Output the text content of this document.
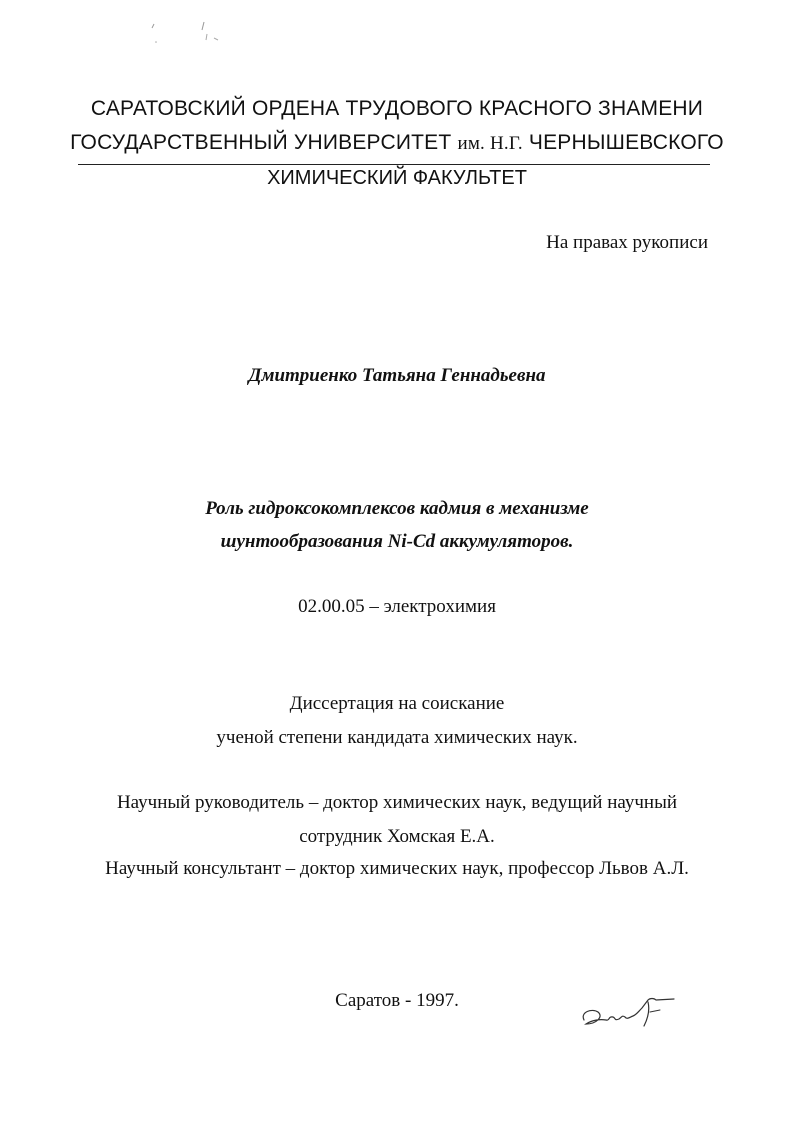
САРАТОВСКИЙ ОРДЕНА ТРУДОВОГО КРАСНОГО ЗНАМЕНИ
ГОСУДАРСТВЕННЫЙ УНИВЕРСИТЕТ им. Н.Г. ЧЕРНЫШЕВСКОГО
ХИМИЧЕСКИЙ ФАКУЛЬТЕТ
На правах рукописи
Дмитриенко Татьяна Геннадьевна
Роль гидроксокомплексов кадмия в механизме
шунтообразования Ni-Cd аккумуляторов.
02.00.05 – электрохимия
Диссертация на соискание
ученой степени кандидата химических наук.
Научный руководитель – доктор химических наук, ведущий научный
сотрудник Хомская Е.А.
Научный консультант – доктор химических наук, профессор Львов А.Л.
Саратов - 1997.
